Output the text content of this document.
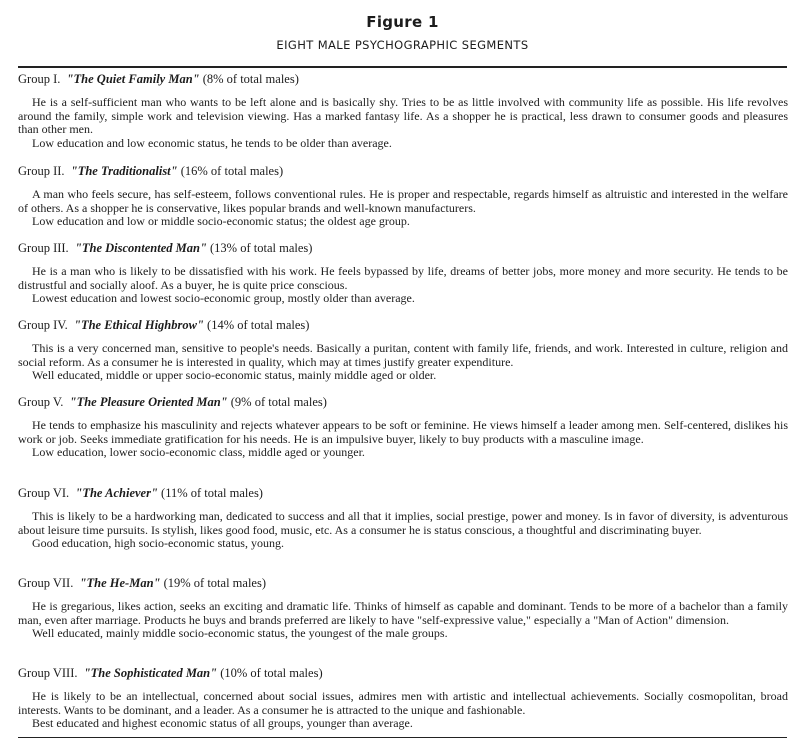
Figure 1
EIGHT MALE PSYCHOGRAPHIC SEGMENTS

Group I. "The Quiet Family Man" (8% of total males)

He is a self-sufficient man who wants to be left alone and is basically shy. Tries to be as little involved with community life as possible. His life revolves around the family, simple work and television viewing. Has a marked fantasy life. As a shopper he is practical, less drawn to consumer goods and pleasures than other men.

Low education and low economic status, he tends to be older than average.

Group II. "The Traditionalist" (16% of total males)

A man who feels secure, has self-esteem, follows conventional rules. He is proper and respectable, regards himself as altruistic and interested in the welfare of others. As a shopper he is conservative, likes popular brands and well-known manufacturers.

Low education and low or middle socio-economic status; the oldest age group.

Group III. "The Discontented Man" (13% of total males)

He is a man who is likely to be dissatisfied with his work. He feels bypassed by life, dreams of better jobs, more money and more security. He tends to be distrustful and socially aloof. As a buyer, he is quite price conscious.

Lowest education and lowest socio-economic group, mostly older than average.

Group IV. "The Ethical Highbrow" (14% of total males)

This is a very concerned man, sensitive to people's needs. Basically a puritan, content with family life, friends, and work. Interested in culture, religion and social reform. As a consumer he is interested in quality, which may at times justify greater expenditure.

Well educated, middle or upper socio-economic status, mainly middle aged or older.

Group V. "The Pleasure Oriented Man" (9% of total males)

He tends to emphasize his masculinity and rejects whatever appears to be soft or feminine. He views himself a leader among men. Self-centered, dislikes his work or job. Seeks immediate gratification for his needs. He is an impulsive buyer, likely to buy products with a masculine image.

Low education, lower socio-economic class, middle aged or younger.

Group VI. "The Achiever" (11% of total males)

This is likely to be a hardworking man, dedicated to success and all that it implies, social prestige, power and money. Is in favor of diversity, is adventurous about leisure time pursuits. Is stylish, likes good food, music, etc. As a consumer he is status conscious, a thoughtful and discriminating buyer.

Good education, high socio-economic status, young.

Group VII. "The He-Man" (19% of total males)

He is gregarious, likes action, seeks an exciting and dramatic life. Thinks of himself as capable and dominant. Tends to be more of a bachelor than a family man, even after marriage. Products he buys and brands preferred are likely to have "self-expressive value," especially a "Man of Action" dimension.

Well educated, mainly middle socio-economic status, the youngest of the male groups.

Group VIII. "The Sophisticated Man" (10% of total males)

He is likely to be an intellectual, concerned about social issues, admires men with artistic and intellectual achievements. Socially cosmopolitan, broad interests. Wants to be dominant, and a leader. As a consumer he is attracted to the unique and fashionable.

Best educated and highest economic status of all groups, younger than average.
